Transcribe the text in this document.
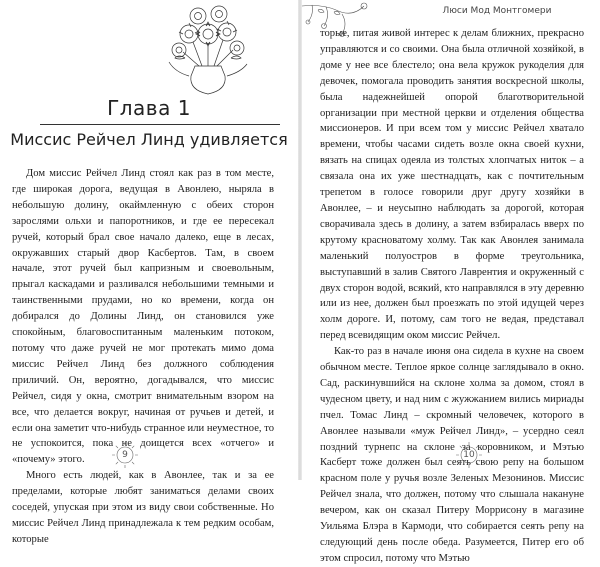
Глава 1
Миссис Рейчел Линд удивляется

Дом миссис Рейчел Линд стоял как раз в том месте, где широкая дорога, ведущая в Авонлею, ныряла в небольшую долину, окаймленную с обеих сторон зарослями ольхи и папоротников, и где ее пересекал ручей, который брал свое начало далеко, еще в лесах, окружавших старый двор Касбертов. Там, в своем начале, этот ручей был капризным и своевольным, прыгал каскадами и разливался небольшими темными и таинственными прудами, но ко времени, когда он добирался до Долины Линд, он становился уже спокойным, благовоспитанным маленьким потоком, потому что даже ручей не мог протекать мимо дома миссис Рейчел Линд без должного соблюдения приличий. Он, вероятно, догадывался, что миссис Рейчел, сидя у окна, смотрит внимательным взором на все, что делается вокруг, начиная от ручьев и детей, и если она заметит что-нибудь странное или неуместное, то не успокоится, пока не доищется всех «отчего» и «почему» этого.

Много есть людей, как в Авонлее, так и за ее пределами, которые любят заниматься делами своих соседей, упуская при этом из виду свои собственные. Но миссис Рейчел Линд принадлежала к тем редким особам, которые

9
Люси Мод Монтгомери

торые, питая живой интерес к делам ближних, прекрасно управляются и со своими. Она была отличной хозяйкой, в доме у нее все блестело; она вела кружок рукоделия для девочек, помогала проводить занятия воскресной школы, была надежнейшей опорой благотворительной организации при местной церкви и отделения общества миссионеров. И при всем том у миссис Рейчел хватало времени, чтобы часами сидеть возле окна своей кухни, вязать на спицах одеяла из толстых хлопчатых ниток – а связала она их уже шестнадцать, как с почтительным трепетом в голосе говорили друг другу хозяйки в Авонлее, – и неусыпно наблюдать за дорогой, которая сворачивала здесь в долину, а затем взбиралась вверх по крутому красноватому холму. Так как Авонлея занимала маленький полуостров в форме треугольника, выступавший в залив Святого Лаврентия и окруженный с двух сторон водой, всякий, кто направлялся в эту деревню или из нее, должен был проезжать по этой идущей через холм дороге. И, потому, сам того не ведая, представал перед всевидящим оком миссис Рейчел.

Как-то раз в начале июня она сидела в кухне на своем обычном месте. Теплое яркое солнце заглядывало в окно. Сад, раскинувшийся на склоне холма за домом, стоял в чудесном цвету, и над ним с жужжанием вились мириады пчел. Томас Линд – скромный человечек, которого в Авонлее называли «муж Рейчел Линд», – усердно сеял поздний турнепс на склоне за коровником, и Мэтью Касберт тоже должен был сеять свою репу на большом красном поле у ручья возле Зеленых Мезонинов. Миссис Рейчел знала, что должен, потому что слышала накануне вечером, как он сказал Питеру Моррисону в магазине Уильяма Блэра в Кармоди, что собирается сеять репу на следующий день после обеда. Разумеется, Питер его об этом спросил, потому что Мэтью

10
